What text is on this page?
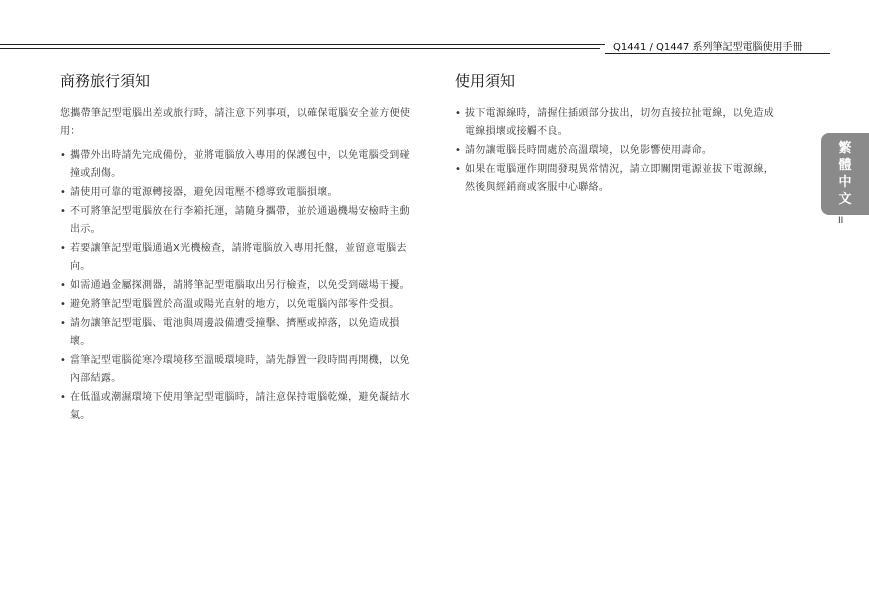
Q1441 / Q1447 系列筆記型電腦使用手冊
商務旅行須知

您攜帶筆記型電腦出差或旅行時，請注意下列事項，以確保電腦安全並方便使用：

• 攜帶外出時請先完成備份，並將電腦放入專用的保護包中，以免電腦受到碰撞或刮傷。
• 請使用可靠的電源轉接器，避免因電壓不穩導致電腦損壞。
• 不可將筆記型電腦放在行李箱托運，請隨身攜帶，並於通過機場安檢時主動出示。
• 若要讓筆記型電腦通過X光機檢查，請將電腦放入專用托盤，並留意電腦去向。
• 如需通過金屬探測器，請將筆記型電腦取出另行檢查，以免受到磁場干擾。
• 避免將筆記型電腦置於高溫或陽光直射的地方，以免電腦內部零件受損。
• 請勿讓筆記型電腦、電池與周邊設備遭受撞擊、擠壓或掉落，以免造成損壞。
• 當筆記型電腦從寒冷環境移至溫暖環境時，請先靜置一段時間再開機，以免內部結露。
• 在低溫或潮濕環境下使用筆記型電腦時，請注意保持電腦乾燥，避免凝結水氣。
使用須知
• 拔下電源線時，請握住插頭部分拔出，切勿直接拉扯電線，以免造成電線損壞或接觸不良。
• 請勿讓電腦長時間處於高溫環境，以免影響使用壽命。
• 如果在電腦運作期間發現異常情況，請立即關閉電源並拔下電源線，然後與經銷商或客服中心聯絡。
繁
體
中
文
II
